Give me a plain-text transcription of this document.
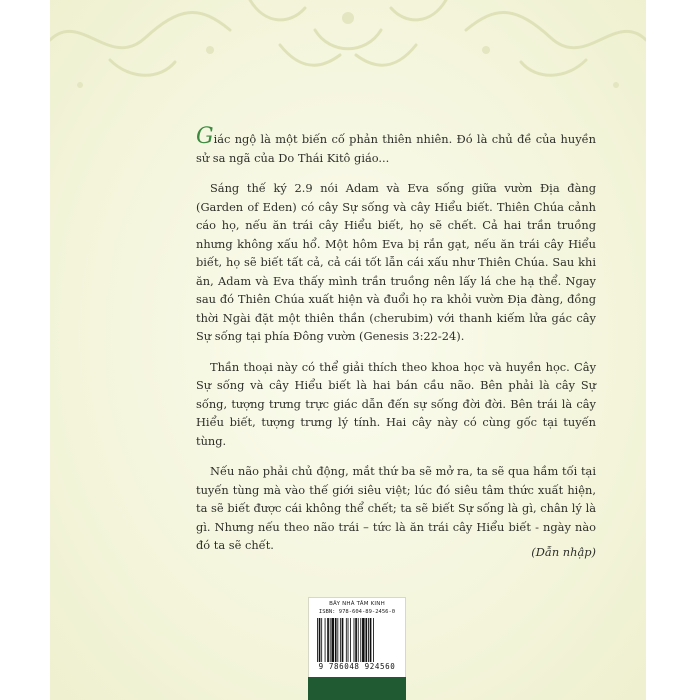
Giác ngộ là một biến cố phản thiên nhiên. Đó là chủ đề của huyền sử sa ngã của Do Thái Kitô giáo...

Sáng thế ký 2.9 nói Adam và Eva sống giữa vườn Địa đàng (Garden of Eden) có cây Sự sống và cây Hiểu biết. Thiên Chúa cảnh cáo họ, nếu ăn trái cây Hiểu biết, họ sẽ chết. Cả hai trần truồng nhưng không xấu hổ. Một hôm Eva bị rắn gạt, nếu ăn trái cây Hiểu biết, họ sẽ biết tất cả, cả cái tốt lẫn cái xấu như Thiên Chúa. Sau khi ăn, Adam và Eva thấy mình trần truồng nên lấy lá che hạ thể. Ngay sau đó Thiên Chúa xuất hiện và đuổi họ ra khỏi vườn Địa đàng, đồng thời Ngài đặt một thiên thần (cherubim) với thanh kiếm lửa gác cây Sự sống tại phía Đông vườn (Genesis 3:22-24).

Thần thoại này có thể giải thích theo khoa học và huyền học. Cây Sự sống và cây Hiểu biết là hai bán cầu não. Bên phải là cây Sự sống, tượng trưng trực giác dẫn đến sự sống đời đời. Bên trái là cây Hiểu biết, tượng trưng lý tính. Hai cây này có cùng gốc tại tuyến tùng.

Nếu não phải chủ động, mắt thứ ba sẽ mở ra, ta sẽ qua hầm tối tại tuyến tùng mà vào thế giới siêu việt; lúc đó siêu tâm thức xuất hiện, ta sẽ biết được cái không thể chết; ta sẽ biết Sự sống là gì, chân lý là gì. Nhưng nếu theo não trái – tức là ăn trái cây Hiểu biết - ngày nào đó ta sẽ chết.	(Dẫn nhập)
BÂY NHÀ TÂM KINH
ISBN: 978-604-89-2456-0
9 786048 924560
